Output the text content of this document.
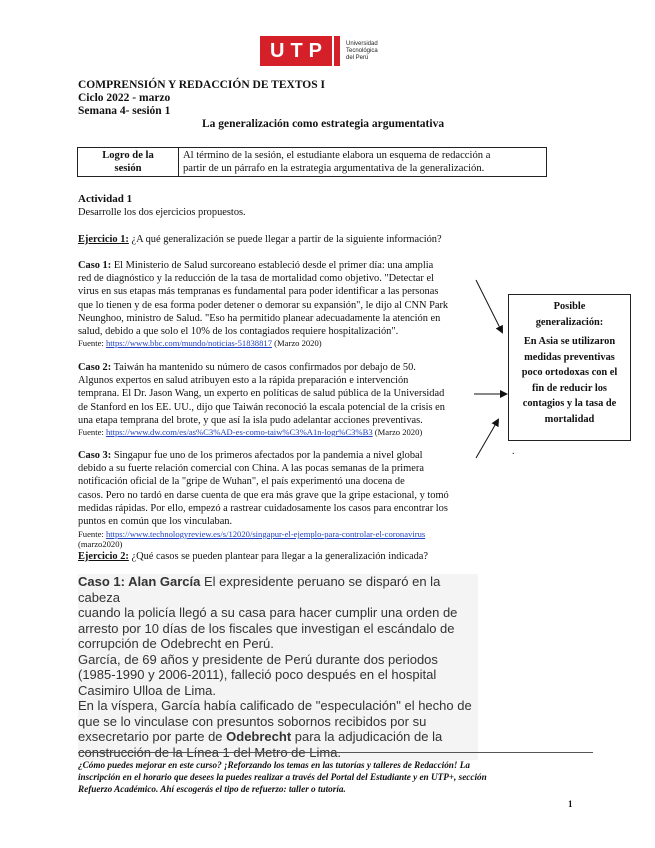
UTP	Universidad
Tecnológica
del Perú
COMPRENSIÓN Y REDACCIÓN DE TEXTOS I
Ciclo 2022 - marzo
Semana 4- sesión 1
La generalización como estrategia argumentativa
Logro de la
sesión

Al término de la sesión, el estudiante elabora un esquema de redacción a
partir de un párrafo en la estrategia argumentativa de la generalización.
Actividad 1
Desarrolle los dos ejercicios propuestos.
Ejercicio 1: ¿A qué generalización se puede llegar a partir de la siguiente información?
Caso 1: El Ministerio de Salud surcoreano estableció desde el primer día: una amplia
red de diagnóstico y la reducción de la tasa de mortalidad como objetivo. "Detectar el
virus en sus etapas más tempranas es fundamental para poder identificar a las personas
que lo tienen y de esa forma poder detener o demorar su expansión", le dijo al CNN Park
Neunghoo, ministro de Salud. "Eso ha permitido planear adecuadamente la atención en
salud, debido a que solo el 10% de los contagiados requiere hospitalización".
Fuente: https://www.bbc.com/mundo/noticias-51838817 (Marzo 2020)
Caso 2: Taiwán ha mantenido su número de casos confirmados por debajo de 50.
Algunos expertos en salud atribuyen esto a la rápida preparación e intervención
temprana. El Dr. Jason Wang, un experto en políticas de salud pública de la Universidad
de Stanford en los EE. UU., dijo que Taiwán reconoció la escala potencial de la crisis en
una etapa temprana del brote, y que así la isla pudo adelantar acciones preventivas.
Fuente: https://www.dw.com/es/as%C3%AD-es-como-taiw%C3%A1n-logr%C3%B3 (Marzo 2020)
Caso 3: Singapur fue uno de los primeros afectados por la pandemia a nivel global
debido a su fuerte relación comercial con China. A las pocas semanas de la primera
notificación oficial de la "gripe de Wuhan", el país experimentó una docena de
casos. Pero no tardó en darse cuenta de que era más grave que la gripe estacional, y tomó
medidas rápidas. Por ello, empezó a rastrear cuidadosamente los casos para encontrar los
puntos en común que los vinculaban.
Fuente: https://www.technologyreview.es/s/12020/singapur-el-ejemplo-para-controlar-el-coronavirus
(marzo2020)
Posible
generalización:
En Asia se utilizaron
medidas preventivas
poco ortodoxas con el
fin de reducir los
contagios y la tasa de
mortalidad
.
Ejercicio 2: ¿Qué casos se pueden plantear para llegar a la generalización indicada?
Caso 1: Alan García El expresidente peruano se disparó en la cabeza
cuando la policía llegó a su casa para hacer cumplir una orden de
arresto por 10 días de los fiscales que investigan el escándalo de
corrupción de Odebrecht en Perú.
García, de 69 años y presidente de Perú durante dos periodos
(1985-1990 y 2006-2011), falleció poco después en el hospital
Casimiro Ulloa de Lima.
En la víspera, García había calificado de "especulación" el hecho de
que se lo vinculase con presuntos sobornos recibidos por su
exsecretario por parte de Odebrecht para la adjudicación de la
construcción de la Línea 1 del Metro de Lima.
¿Cómo puedes mejorar en este curso? ¡Reforzando los temas en las tutorías y talleres de Redacción! La
inscripción en el horario que desees la puedes realizar a través del Portal del Estudiante y en UTP+, sección
Refuerzo Académico. Ahí escogerás el tipo de refuerzo: taller o tutoría.
1
